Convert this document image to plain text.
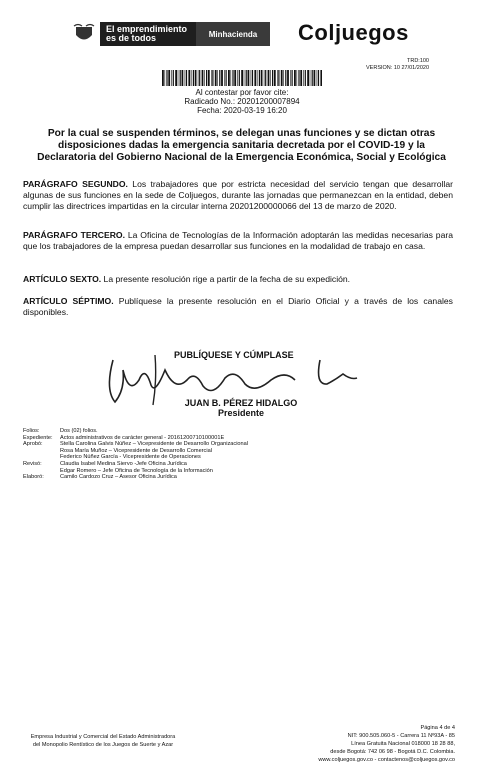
El emprendimiento es de todos	Minhacienda	Coljuegos
TRD:100
VERSION: 10 27/01/2020
Al contestar por favor cite:
Radicado No.: 20201200007894
Fecha: 2020-03-19 16:20
Por la cual se suspenden términos, se delegan unas funciones y se dictan otras disposiciones dadas la emergencia sanitaria decretada por el COVID-19 y la Declaratoria del Gobierno Nacional de la Emergencia Económica, Social y Ecológica
PARÁGRAFO SEGUNDO. Los trabajadores que por estricta necesidad del servicio tengan que desarrollar algunas de sus funciones en la sede de Coljuegos, durante las jornadas que permanezcan en la entidad, deben cumplir las directrices impartidas en la circular interna 20201200000066 del 13 de marzo de 2020.
PARÁGRAFO TERCERO. La Oficina de Tecnologías de la Información adoptarán las medidas necesarias para que los trabajadores de la empresa puedan desarrollar sus funciones en la modalidad de trabajo en casa.
ARTÍCULO SEXTO. La presente resolución rige a partir de la fecha de su expedición.
ARTÍCULO SÉPTIMO. Publíquese la presente resolución en el Diario Oficial y a través de los canales disponibles.
PUBLÍQUESE Y CÚMPLASE
JUAN B. PÉREZ HIDALGO
Presidente
Folios:	Dos (02) folios.
Expediente:	Actos administrativos de carácter general - 20161200710100001E
Aprobó:	Stella Carolina Galvis Núñez – Vicepresidente de Desarrollo Organizacional
Rosa María Muñoz – Vicepresidente de Desarrollo Comercial
Federico Núñez García - Vicepresidente de Operaciones
Revisó:	Claudia Isabel Medina Siervo -Jefe Oficina Jurídica
Edgar Romero – Jefe Oficina de Tecnología de la Información
Elaboró:	Camilo Cardozo Cruz – Asesor Oficina Jurídica
Empresa Industrial y Comercial del Estado Administradora
del Monopolio Rentístico de los Juegos de Suerte y Azar
Página 4 de 4
NIT: 900.505.060-5 - Carrera 11 Nº93A - 85
Línea Gratuita Nacional 018000 18 28 88,
desde Bogotá: 742 06 98 - Bogotá D.C. Colombia.
www.coljuegos.gov.co - contactenos@coljuegos.gov.co
